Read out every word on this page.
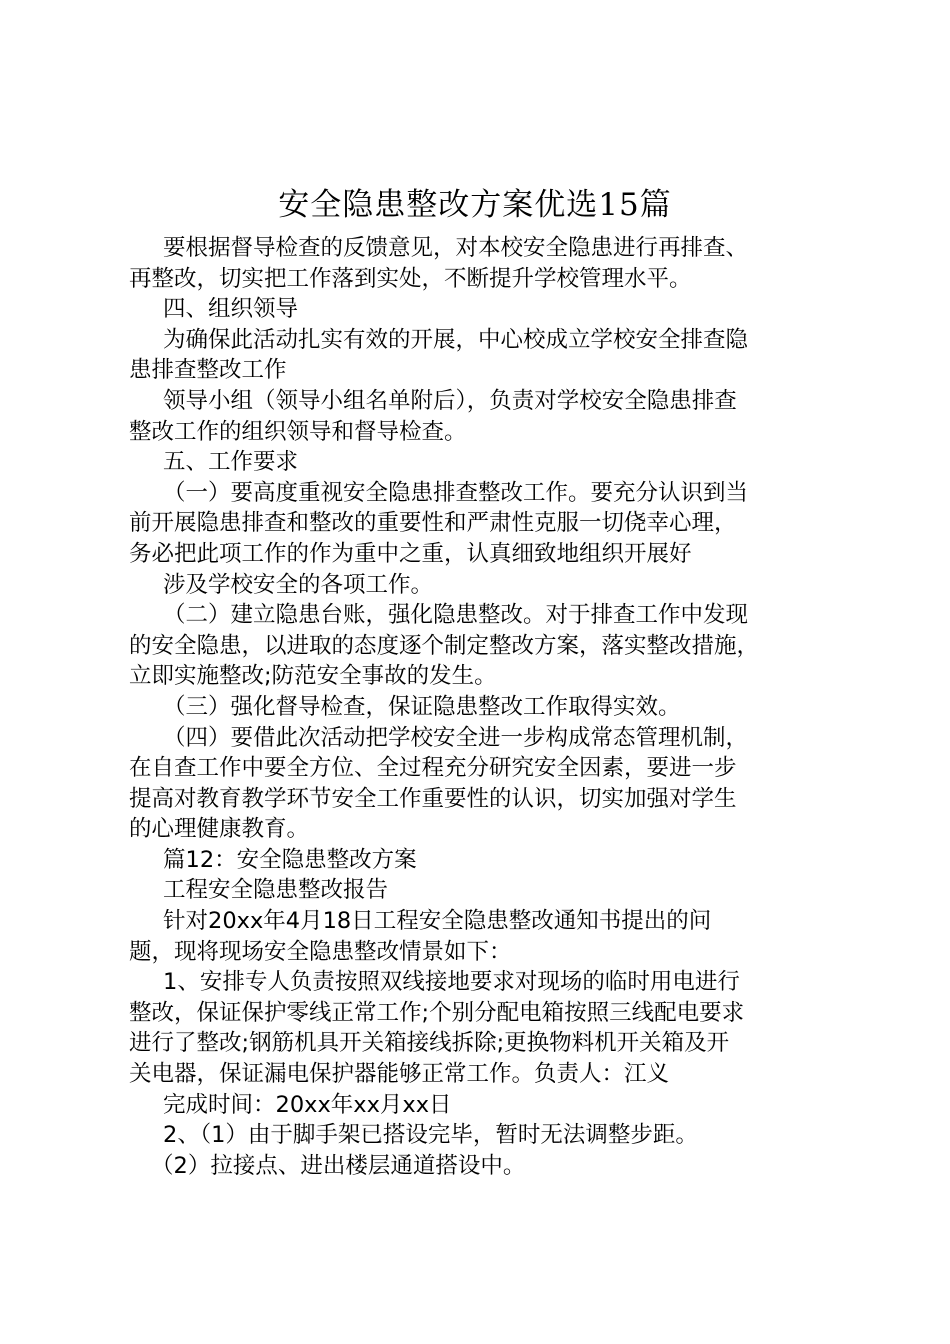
安全隐患整改方案优选15篇

要根据督导检查的反馈意见，对本校安全隐患进行再排查、

再整改，切实把工作落到实处，不断提升学校管理水平。

四、组织领导

为确保此活动扎实有效的开展，中心校成立学校安全排查隐

患排查整改工作

领导小组（领导小组名单附后），负责对学校安全隐患排查

整改工作的组织领导和督导检查。

五、工作要求

（一）要高度重视安全隐患排查整改工作。要充分认识到当

前开展隐患排查和整改的重要性和严肃性克服一切侥幸心理，

务必把此项工作的作为重中之重，认真细致地组织开展好

涉及学校安全的各项工作。

（二）建立隐患台账，强化隐患整改。对于排查工作中发现

的安全隐患，以进取的态度逐个制定整改方案，落实整改措施，

立即实施整改;防范安全事故的发生。

（三）强化督导检查，保证隐患整改工作取得实效。

（四）要借此次活动把学校安全进一步构成常态管理机制，

在自查工作中要全方位、全过程充分研究安全因素，要进一步

提高对教育教学环节安全工作重要性的认识，切实加强对学生

的心理健康教育。

篇12：安全隐患整改方案

工程安全隐患整改报告

针对20xx年4月18日工程安全隐患整改通知书提出的问

题，现将现场安全隐患整改情景如下：

1、安排专人负责按照双线接地要求对现场的临时用电进行

整改，保证保护零线正常工作;个别分配电箱按照三线配电要求

进行了整改;钢筋机具开关箱接线拆除;更换物料机开关箱及开

关电器，保证漏电保护器能够正常工作。负责人：江义

完成时间：20xx年xx月xx日

2、（1）由于脚手架已搭设完毕，暂时无法调整步距。

（2）拉接点、进出楼层通道搭设中。
